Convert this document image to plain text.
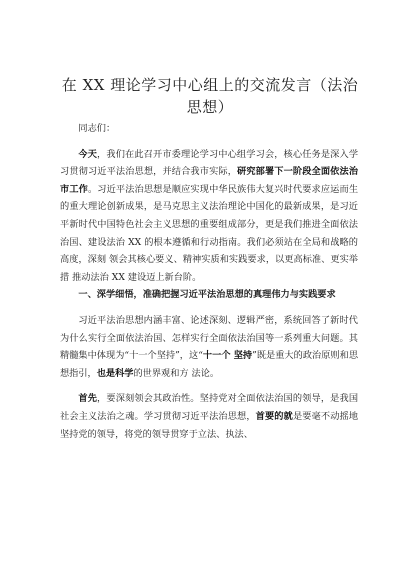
在 XX 理论学习中心组上的交流发言（法治思想）

同志们：

今天，我们在此召开市委理论学习中心组学习会，核心任务是深入学习贯彻习近平法治思想，并结合我市实际，研究部署下一阶段全面依法治市工作。习近平法治思想是顺应实现中华民族伟大复兴时代要求应运而生的重大理论创新成果，是马克思主义法治理论中国化的最新成果，是习近平新时代中国特色社会主义思想的重要组成部分，更是我们推进全面依法治国、建设法治 XX 的根本遵循和行动指南。我们必须站在全局和战略的高度，深刻 领会其核心要义、精神实质和实践要求，以更高标准、更实举措 推动法治 XX 建设迈上新台阶。

一、深学细悟，准确把握习近平法治思想的真理伟力与实践要求

习近平法治思想内涵丰富、论述深刻、逻辑严密，系统回答了新时代为什么实行全面依法治国、怎样实行全面依法治国等一系列重大问题。其精髓集中体现为“十一个坚持”，这“十一个 坚持”既是重大的政治原则和思想指引，也是科学的世界观和方 法论。

首先，要深刻领会其政治性。坚持党对全面依法治国的领导，是我国社会主义法治之魂。学习贯彻习近平法治思想，首要的就是要毫不动摇地坚持党的领导，将党的领导贯穿于立法、执法、
